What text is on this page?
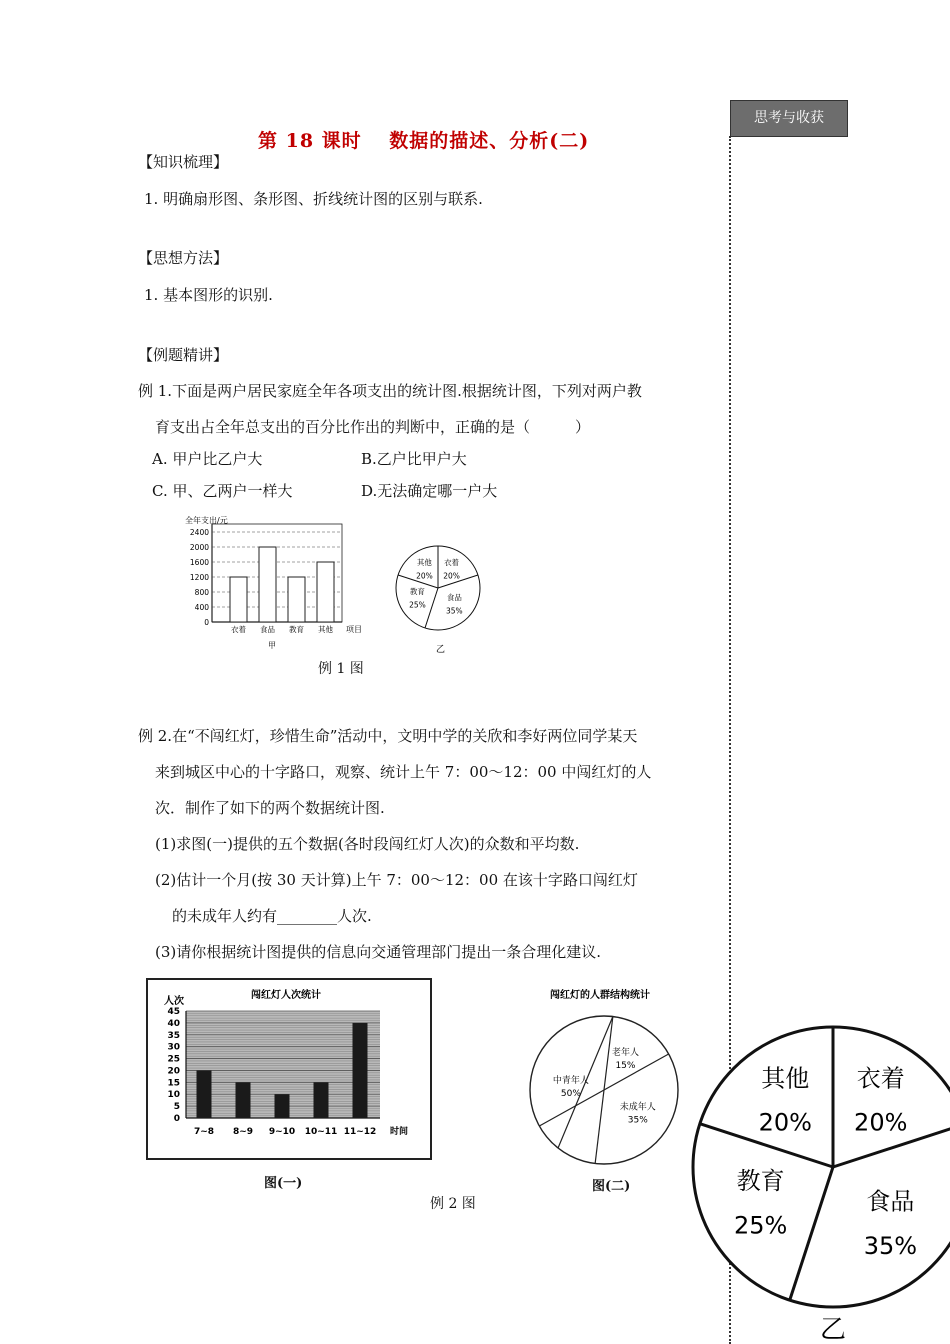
第 18 课时　 数据的描述、分析(二)
思考与收获
【知识梳理】
1. 明确扇形图、条形图、折线统计图的区别与联系.
【思想方法】
1. 基本图形的识别.
【例题精讲】
例 1.下面是两户居民家庭全年各项支出的统计图.根据统计图，下列对两户教
育支出占全年总支出的百分比作出的判断中，正确的是（　　　）
A. 甲户比乙户大	B.乙户比甲户大
C. 甲、乙两户一样大	D.无法确定哪一户大
全年支出/元
0
400
800
1200
1600
2000
2400
衣着 食品 教育 其他 项目
甲
衣着
20%
食品
35%
教育
25%
其他
20%
乙
例 1 图
例 2.在“不闯红灯，珍惜生命”活动中，文明中学的关欣和李好两位同学某天
来到城区中心的十字路口，观察、统计上午 7：00～12：00 中闯红灯的人
次．制作了如下的两个数据统计图.
(1)求图(一)提供的五个数据(各时段闯红灯人次)的众数和平均数.
(2)估计一个月(按 30 天计算)上午 7：00～12：00 在该十字路口闯红灯
的未成年人约有________人次.
(3)请你根据统计图提供的信息向交通管理部门提出一条合理化建议.
闯红灯人次统计
人次
0
5
10
15
20
25
30
35
40
45
7~8 8~9 9~10 10~11 11~12 时间
图(一)
闯红灯的人群结构统计
老年人
15%
未成年人
35%
中青年人
50%
图(二)
例 2 图
衣着
20%
食品
35%
教育
25%
其他
20%
乙
